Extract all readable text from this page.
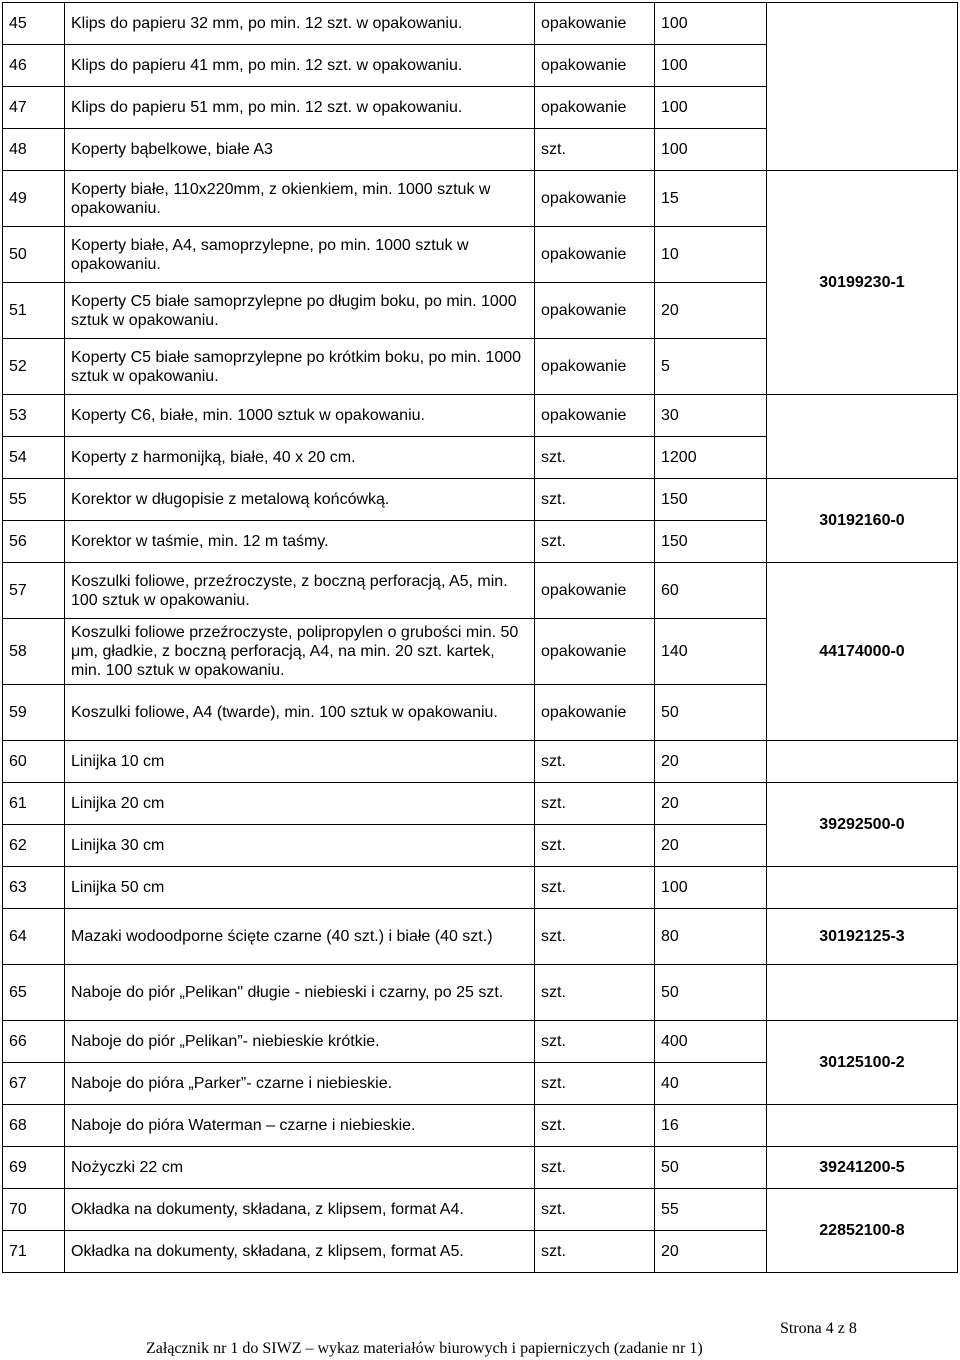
45	Klips do papieru 32 mm, po min. 12 szt. w opakowaniu.	opakowanie	100	
46	Klips do papieru 41 mm, po min. 12 szt. w opakowaniu.	opakowanie	100	
47	Klips do papieru 51 mm, po min. 12 szt. w opakowaniu.	opakowanie	100	
48	Koperty bąbelkowe, białe A3	szt.	100	
49	Koperty białe, 110x220mm, z okienkiem, min. 1000 sztuk w opakowaniu.	opakowanie	15	30199230-1
50	Koperty białe, A4, samoprzylepne, po min. 1000 sztuk w opakowaniu.	opakowanie	10	
51	Koperty C5 białe samoprzylepne po długim boku, po min. 1000 sztuk w opakowaniu.	opakowanie	20	
52	Koperty C5 białe samoprzylepne po krótkim boku, po min. 1000 sztuk w opakowaniu.	opakowanie	5	
53	Koperty C6, białe, min. 1000 sztuk w opakowaniu.	opakowanie	30	
54	Koperty z harmonijką, białe, 40 x 20 cm.	szt.	1200	
55	Korektor w długopisie z metalową końcówką.	szt.	150	30192160-0
56	Korektor w taśmie, min. 12 m taśmy.	szt.	150	
57	Koszulki foliowe, przeźroczyste, z boczną perforacją, A5, min. 100 sztuk w opakowaniu.	opakowanie	60	44174000-0
58	Koszulki foliowe przeźroczyste, polipropylen o grubości min. 50 μm, gładkie, z boczną perforacją, A4, na min. 20 szt. kartek, min. 100 sztuk w opakowaniu.	opakowanie	140	
59	Koszulki foliowe, A4 (twarde), min. 100 sztuk w opakowaniu.	opakowanie	50	
60	Linijka 10 cm	szt.	20	
61	Linijka 20 cm	szt.	20	39292500-0
62	Linijka 30 cm	szt.	20	
63	Linijka 50 cm	szt.	100	
64	Mazaki wodoodporne ścięte czarne (40 szt.) i białe (40 szt.)	szt.	80	30192125-3
65	Naboje do piór „Pelikan" długie - niebieski i czarny, po 25 szt.	szt.	50	
66	Naboje do piór „Pelikan”- niebieskie krótkie.	szt.	400	30125100-2
67	Naboje do pióra „Parker”- czarne i niebieskie.	szt.	40	
68	Naboje do pióra Waterman – czarne i niebieskie.	szt.	16	
69	Nożyczki 22 cm	szt.	50	39241200-5
70	Okładka na dokumenty, składana, z klipsem, format A4.	szt.	55	22852100-8
71	Okładka na dokumenty, składana, z klipsem, format A5.	szt.	20	
Strona 4 z 8
Załącznik nr 1 do SIWZ – wykaz materiałów biurowych i papierniczych (zadanie nr 1)
